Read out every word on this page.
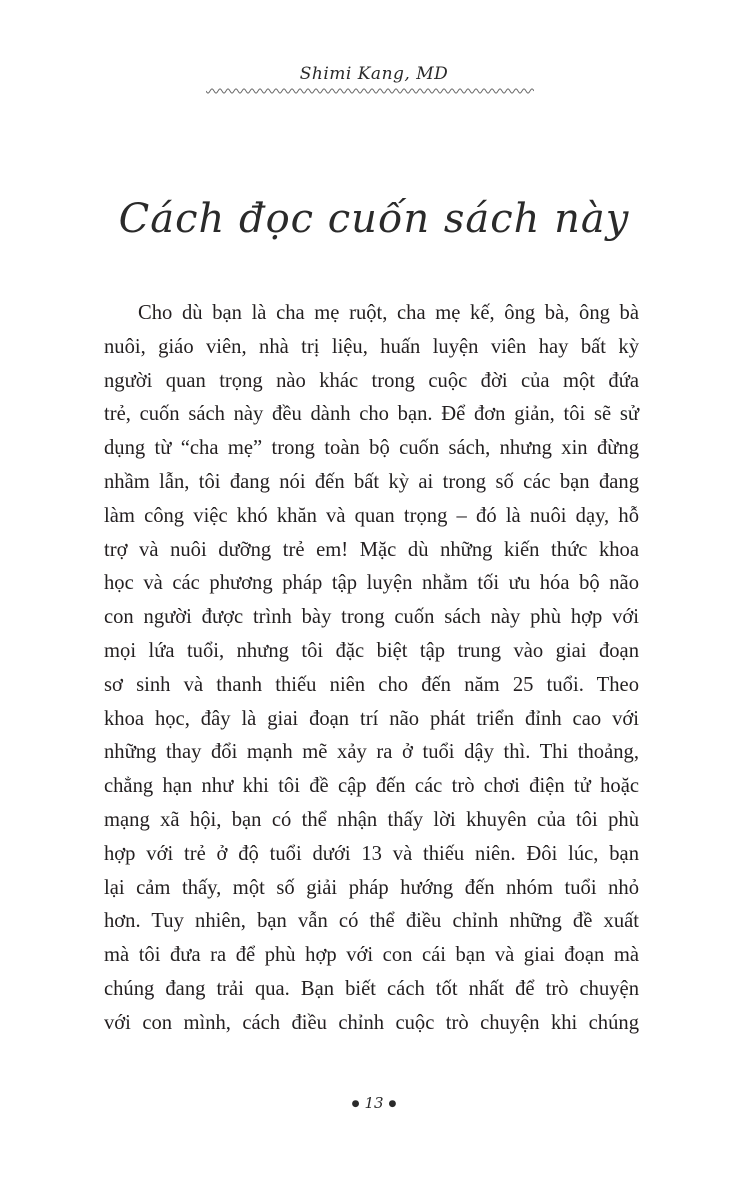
Shimi Kang, MD
Cách đọc cuốn sách này
Cho dù bạn là cha mẹ ruột, cha mẹ kế, ông bà, ông bà
nuôi, giáo viên, nhà trị liệu, huấn luyện viên hay bất kỳ
người quan trọng nào khác trong cuộc đời của một đứa
trẻ, cuốn sách này đều dành cho bạn. Để đơn giản, tôi sẽ sử
dụng từ “cha mẹ” trong toàn bộ cuốn sách, nhưng xin đừng
nhầm lẫn, tôi đang nói đến bất kỳ ai trong số các bạn đang
làm công việc khó khăn và quan trọng – đó là nuôi dạy, hỗ
trợ và nuôi dưỡng trẻ em! Mặc dù những kiến thức khoa
học và các phương pháp tập luyện nhằm tối ưu hóa bộ não
con người được trình bày trong cuốn sách này phù hợp với
mọi lứa tuổi, nhưng tôi đặc biệt tập trung vào giai đoạn
sơ sinh và thanh thiếu niên cho đến năm 25 tuổi. Theo
khoa học, đây là giai đoạn trí não phát triển đỉnh cao với
những thay đổi mạnh mẽ xảy ra ở tuổi dậy thì. Thi thoảng,
chẳng hạn như khi tôi đề cập đến các trò chơi điện tử hoặc
mạng xã hội, bạn có thể nhận thấy lời khuyên của tôi phù
hợp với trẻ ở độ tuổi dưới 13 và thiếu niên. Đôi lúc, bạn
lại cảm thấy, một số giải pháp hướng đến nhóm tuổi nhỏ
hơn. Tuy nhiên, bạn vẫn có thể điều chỉnh những đề xuất
mà tôi đưa ra để phù hợp với con cái bạn và giai đoạn mà
chúng đang trải qua. Bạn biết cách tốt nhất để trò chuyện
với con mình, cách điều chỉnh cuộc trò chuyện khi chúng
● 13 ●
